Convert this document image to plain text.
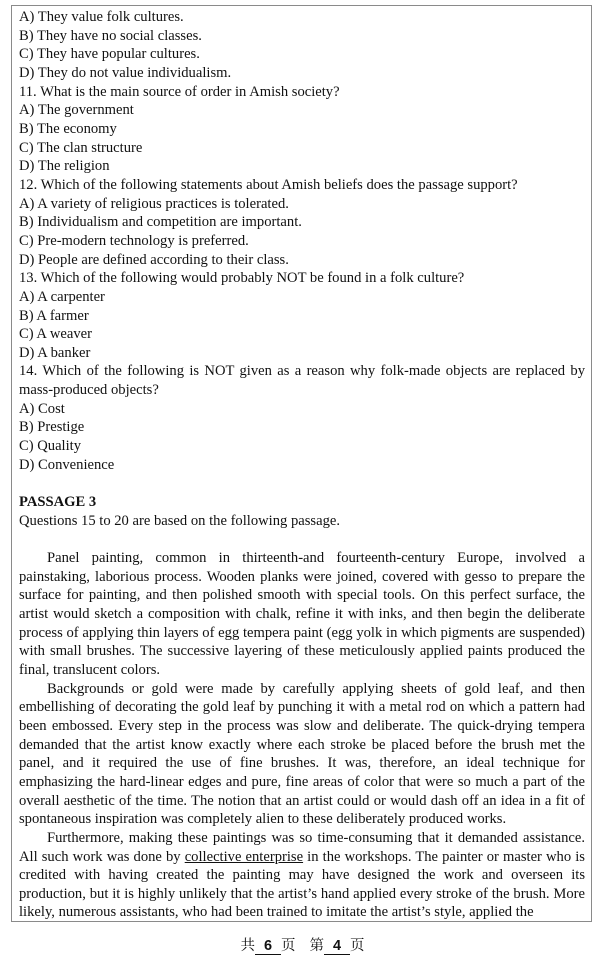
A) They value folk cultures.
B) They have no social classes.
C) They have popular cultures.
D) They do not value individualism.
11. What is the main source of order in Amish society?
A) The government
B) The economy
C) The clan structure
D) The religion
12. Which of the following statements about Amish beliefs does the passage support?
A) A variety of religious practices is tolerated.
B) Individualism and competition are important.
C) Pre-modern technology is preferred.
D) People are defined according to their class.
13. Which of the following would probably NOT be found in a folk culture?
A) A carpenter
B) A farmer
C) A weaver
D) A banker
14. Which of the following is NOT given as a reason why folk-made objects are replaced by mass-produced objects?
A) Cost
B) Prestige
C) Quality
D) Convenience
PASSAGE 3
Questions 15 to 20 are based on the following passage.
Panel painting, common in thirteenth-and fourteenth-century Europe, involved a painstaking, laborious process. Wooden planks were joined, covered with gesso to prepare the surface for painting, and then polished smooth with special tools. On this perfect surface, the artist would sketch a composition with chalk, refine it with inks, and then begin the deliberate process of applying thin layers of egg tempera paint (egg yolk in which pigments are suspended) with small brushes. The successive layering of these meticulously applied paints produced the final, translucent colors.
Backgrounds or gold were made by carefully applying sheets of gold leaf, and then embellishing of decorating the gold leaf by punching it with a metal rod on which a pattern had been embossed. Every step in the process was slow and deliberate. The quick-drying tempera demanded that the artist know exactly where each stroke be placed before the brush met the panel, and it required the use of fine brushes. It was, therefore, an ideal technique for emphasizing the hard-linear edges and pure, fine areas of color that were so much a part of the overall aesthetic of the time. The notion that an artist could or would dash off an idea in a fit of spontaneous inspiration was completely alien to these deliberately produced works.
Furthermore, making these paintings was so time-consuming that it demanded assistance. All such work was done by collective enterprise in the workshops. The painter or master who is credited with having created the painting may have designed the work and overseen its production, but it is highly unlikely that the artist’s hand applied every stroke of the brush. More likely, numerous assistants, who had been trained to imitate the artist’s style, applied the
共 6 页 第 4 页
